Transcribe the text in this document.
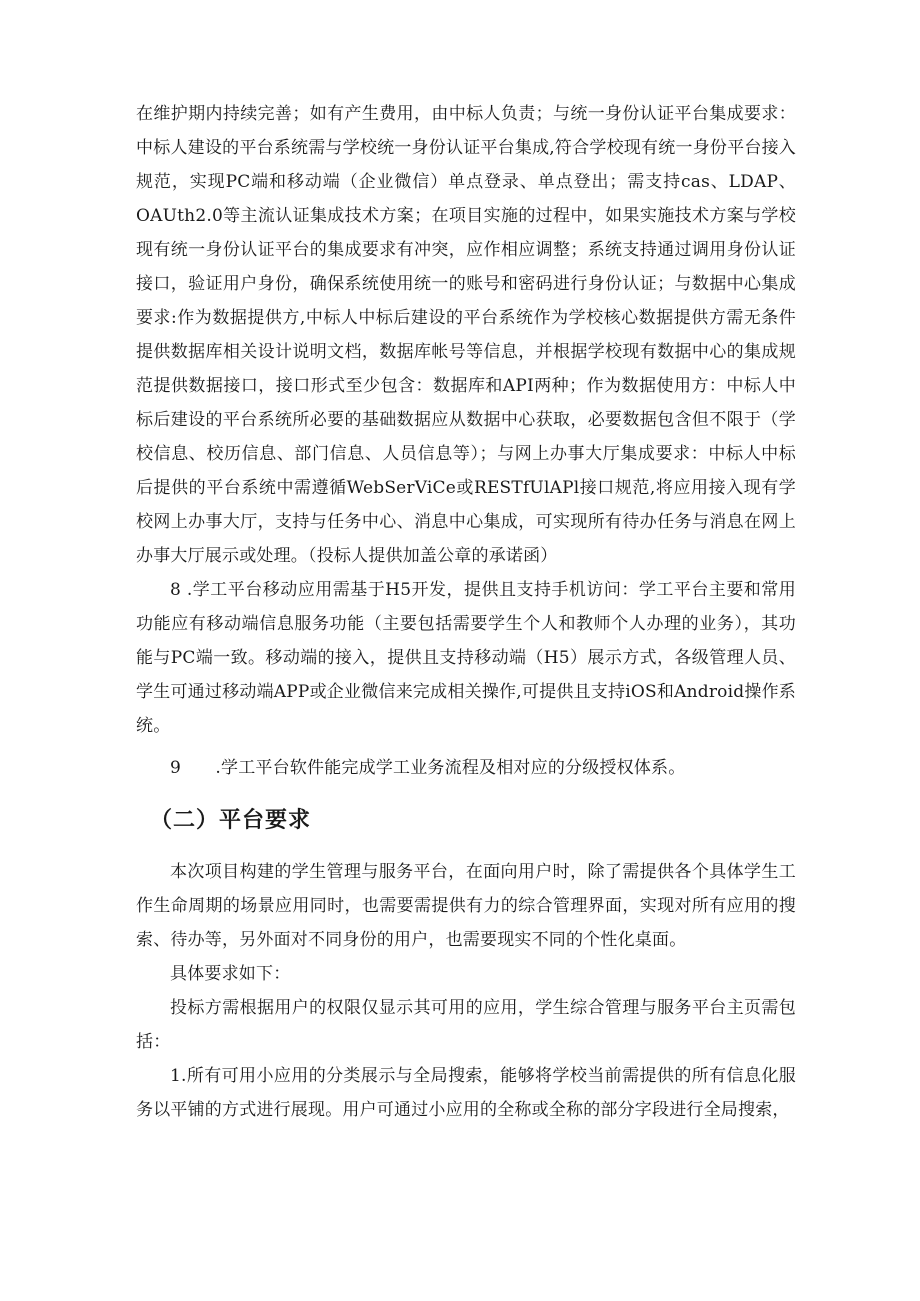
在维护期内持续完善；如有产生费用，由中标人负责；与统一身份认证平台集成要求：中标人建设的平台系统需与学校统一身份认证平台集成,符合学校现有统一身份平台接入规范，实现PC端和移动端（企业微信）单点登录、单点登出；需支持cas、LDAP、OAUth2.0等主流认证集成技术方案；在项目实施的过程中，如果实施技术方案与学校现有统一身份认证平台的集成要求有冲突，应作相应调整；系统支持通过调用身份认证接口，验证用户身份，确保系统使用统一的账号和密码进行身份认证；与数据中心集成要求:作为数据提供方,中标人中标后建设的平台系统作为学校核心数据提供方需无条件提供数据库相关设计说明文档，数据库帐号等信息，并根据学校现有数据中心的集成规范提供数据接口，接口形式至少包含：数据库和API两种；作为数据使用方：中标人中标后建设的平台系统所必要的基础数据应从数据中心获取，必要数据包含但不限于（学校信息、校历信息、部门信息、人员信息等）；与网上办事大厅集成要求：中标人中标后提供的平台系统中需遵循WebSerViCe或RESTfUlAPl接口规范,将应用接入现有学校网上办事大厅，支持与任务中心、消息中心集成，可实现所有待办任务与消息在网上办事大厅展示或处理。（投标人提供加盖公章的承诺函）

8 .学工平台移动应用需基于H5开发，提供且支持手机访问：学工平台主要和常用功能应有移动端信息服务功能（主要包括需要学生个人和教师个人办理的业务），其功能与PC端一致。移动端的接入，提供且支持移动端（H5）展示方式，各级管理人员、学生可通过移动端APP或企业微信来完成相关操作,可提供且支持iOS和Android操作系统。

9　　.学工平台软件能完成学工业务流程及相对应的分级授权体系。

（二）平台要求

本次项目构建的学生管理与服务平台，在面向用户时，除了需提供各个具体学生工作生命周期的场景应用同时，也需要需提供有力的综合管理界面，实现对所有应用的搜索、待办等，另外面对不同身份的用户，也需要现实不同的个性化桌面。

具体要求如下：

投标方需根据用户的权限仅显示其可用的应用，学生综合管理与服务平台主页需包括：

1.所有可用小应用的分类展示与全局搜索，能够将学校当前需提供的所有信息化服务以平铺的方式进行展现。用户可通过小应用的全称或全称的部分字段进行全局搜索，
